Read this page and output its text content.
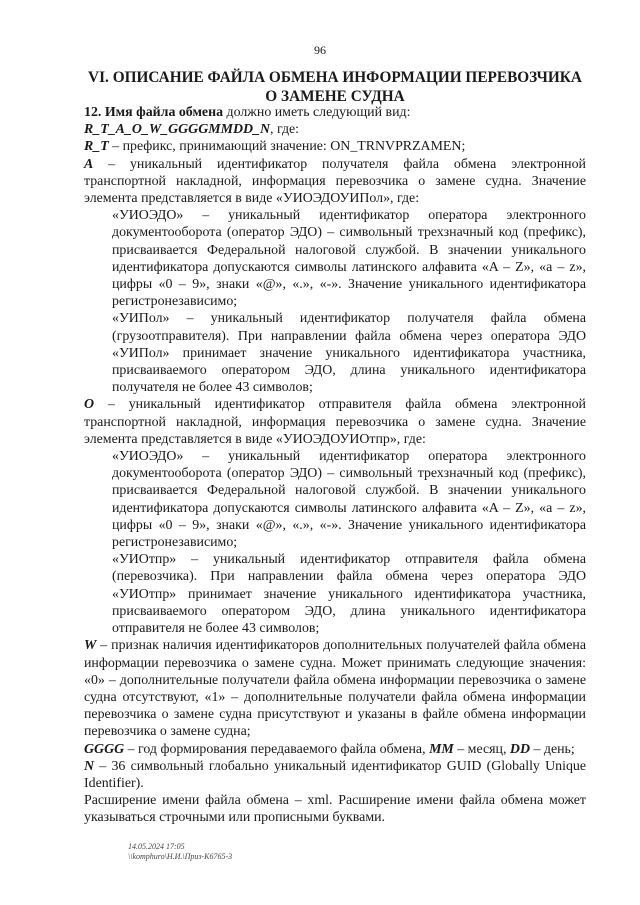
96
VI. ОПИСАНИЕ ФАЙЛА ОБМЕНА ИНФОРМАЦИИ ПЕРЕВОЗЧИКА О ЗАМЕНЕ СУДНА

12. Имя файла обмена должно иметь следующий вид:

R_T_A_O_W_GGGGMMDD_N, где:

R_T – префикс, принимающий значение: ON_TRNVPRZAMEN;

A – уникальный идентификатор получателя файла обмена электронной транспортной накладной, информация перевозчика о замене судна. Значение элемента представляется в виде «УИОЭДОУИПол», где:

«УИОЭДО» – уникальный идентификатор оператора электронного документооборота (оператор ЭДО) – символьный трехзначный код (префикс), присваивается Федеральной налоговой службой. В значении уникального идентификатора допускаются символы латинского алфавита «A – Z», «a – z», цифры «0 – 9», знаки «@», «.», «-». Значение уникального идентификатора регистронезависимо;

«УИПол» – уникальный идентификатор получателя файла обмена (грузоотправителя). При направлении файла обмена через оператора ЭДО «УИПол» принимает значение уникального идентификатора участника, присваиваемого оператором ЭДО, длина уникального идентификатора получателя не более 43 символов;

O – уникальный идентификатор отправителя файла обмена электронной транспортной накладной, информация перевозчика о замене судна. Значение элемента представляется в виде «УИОЭДОУИОтпр», где:

«УИОЭДО» – уникальный идентификатор оператора электронного документооборота (оператор ЭДО) – символьный трехзначный код (префикс), присваивается Федеральной налоговой службой. В значении уникального идентификатора допускаются символы латинского алфавита «A – Z», «a – z», цифры «0 – 9», знаки «@», «.», «-». Значение уникального идентификатора регистронезависимо;

«УИОтпр» – уникальный идентификатор отправителя файла обмена (перевозчика). При направлении файла обмена через оператора ЭДО «УИОтпр» принимает значение уникального идентификатора участника, присваиваемого оператором ЭДО, длина уникального идентификатора отправителя не более 43 символов;

W – признак наличия идентификаторов дополнительных получателей файла обмена информации перевозчика о замене судна. Может принимать следующие значения: «0» – дополнительные получатели файла обмена информации перевозчика о замене судна отсутствуют, «1» – дополнительные получатели файла обмена информации перевозчика о замене судна присутствуют и указаны в файле обмена информации перевозчика о замене судна;

GGGG – год формирования передаваемого файла обмена, MM – месяц, DD – день;

N – 36 символьный глобально уникальный идентификатор GUID (Globally Unique Identifier).

Расширение имени файла обмена – xml. Расширение имени файла обмена может указываться строчными или прописными буквами.

14.05.2024 17:05
\\komphuro\Н.И.\Приз-К6765-3
